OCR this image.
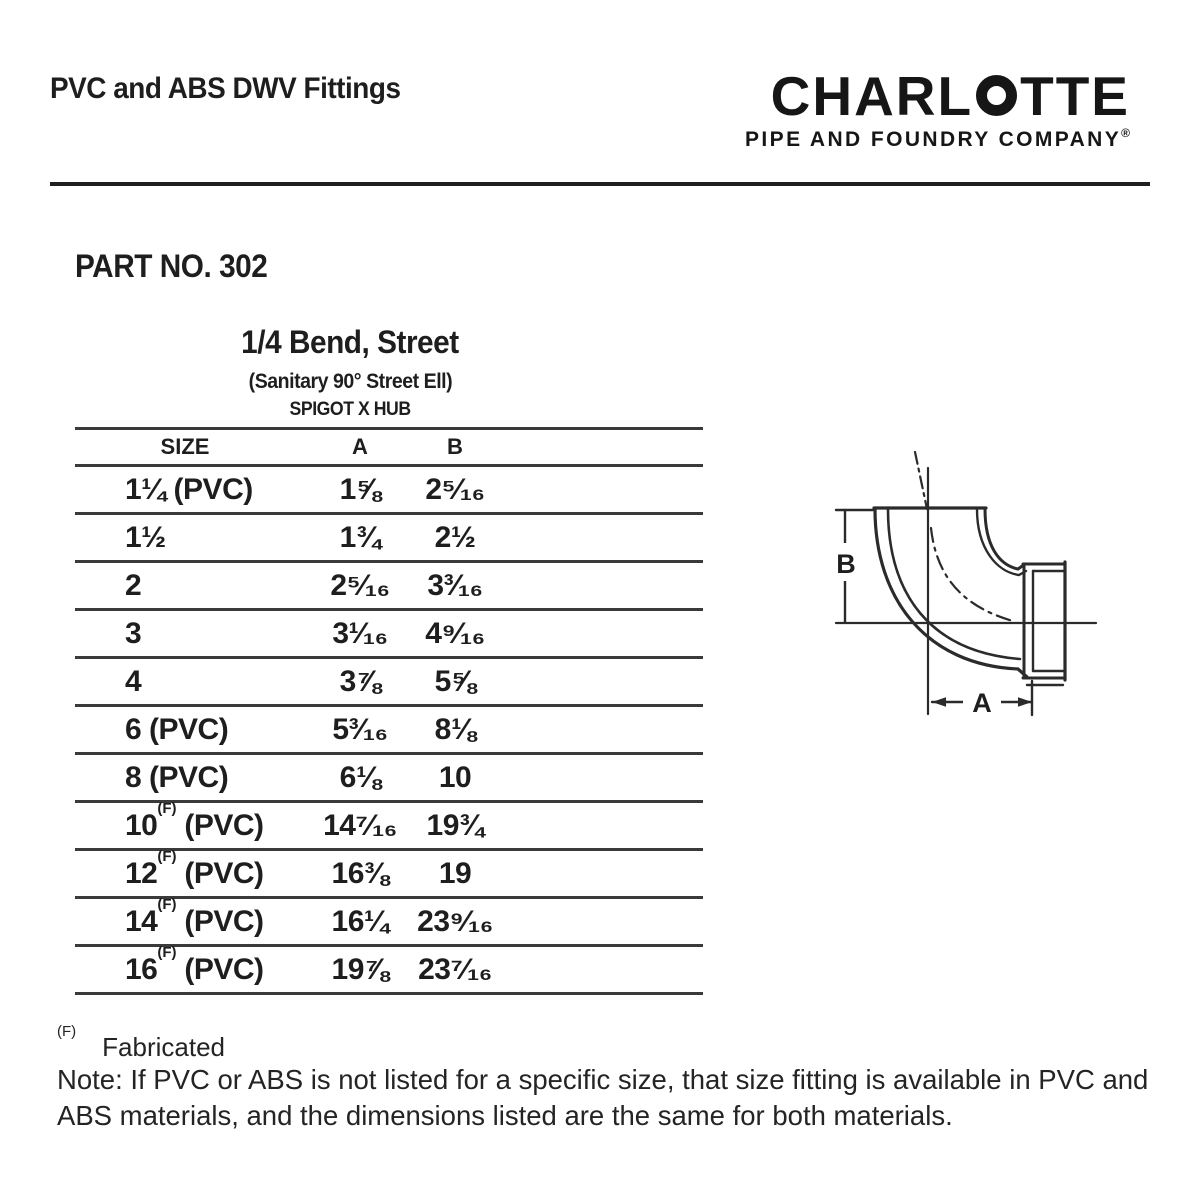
PVC and ABS DWV Fittings	CHARL TTE
PIPE AND FOUNDRY COMPANY®
PART NO. 302
1/4 Bend, Street
(Sanitary 90° Street Ell)
SPIGOT X HUB
SIZE	A	B
1¼ (PVC)	1⅝	2⁵⁄₁₆
1½	1¾	2½
2	2⁵⁄₁₆	3³⁄₁₆
3	3¹⁄₁₆	4⁹⁄₁₆
4	3⅞	5⅝
6 (PVC)	5³⁄₁₆	8⅛
8 (PVC)	6⅛	10
$10^{(F)}$ (PVC)	14⁷⁄₁₆ 19¾
$12^{(F)}$ (PVC)	16⅜	19
$14^{(F)}$ (PVC)	16¼ 23⁹⁄₁₆
$16^{(F)}$ (PVC)	19⅞ 23⁷⁄₁₆
B
A
$^{(F)}$Fabricated
Note: If PVC or ABS is not listed for a specific size, that size fitting is available in PVC and ABS materials, and the dimensions listed are the same for both materials.
